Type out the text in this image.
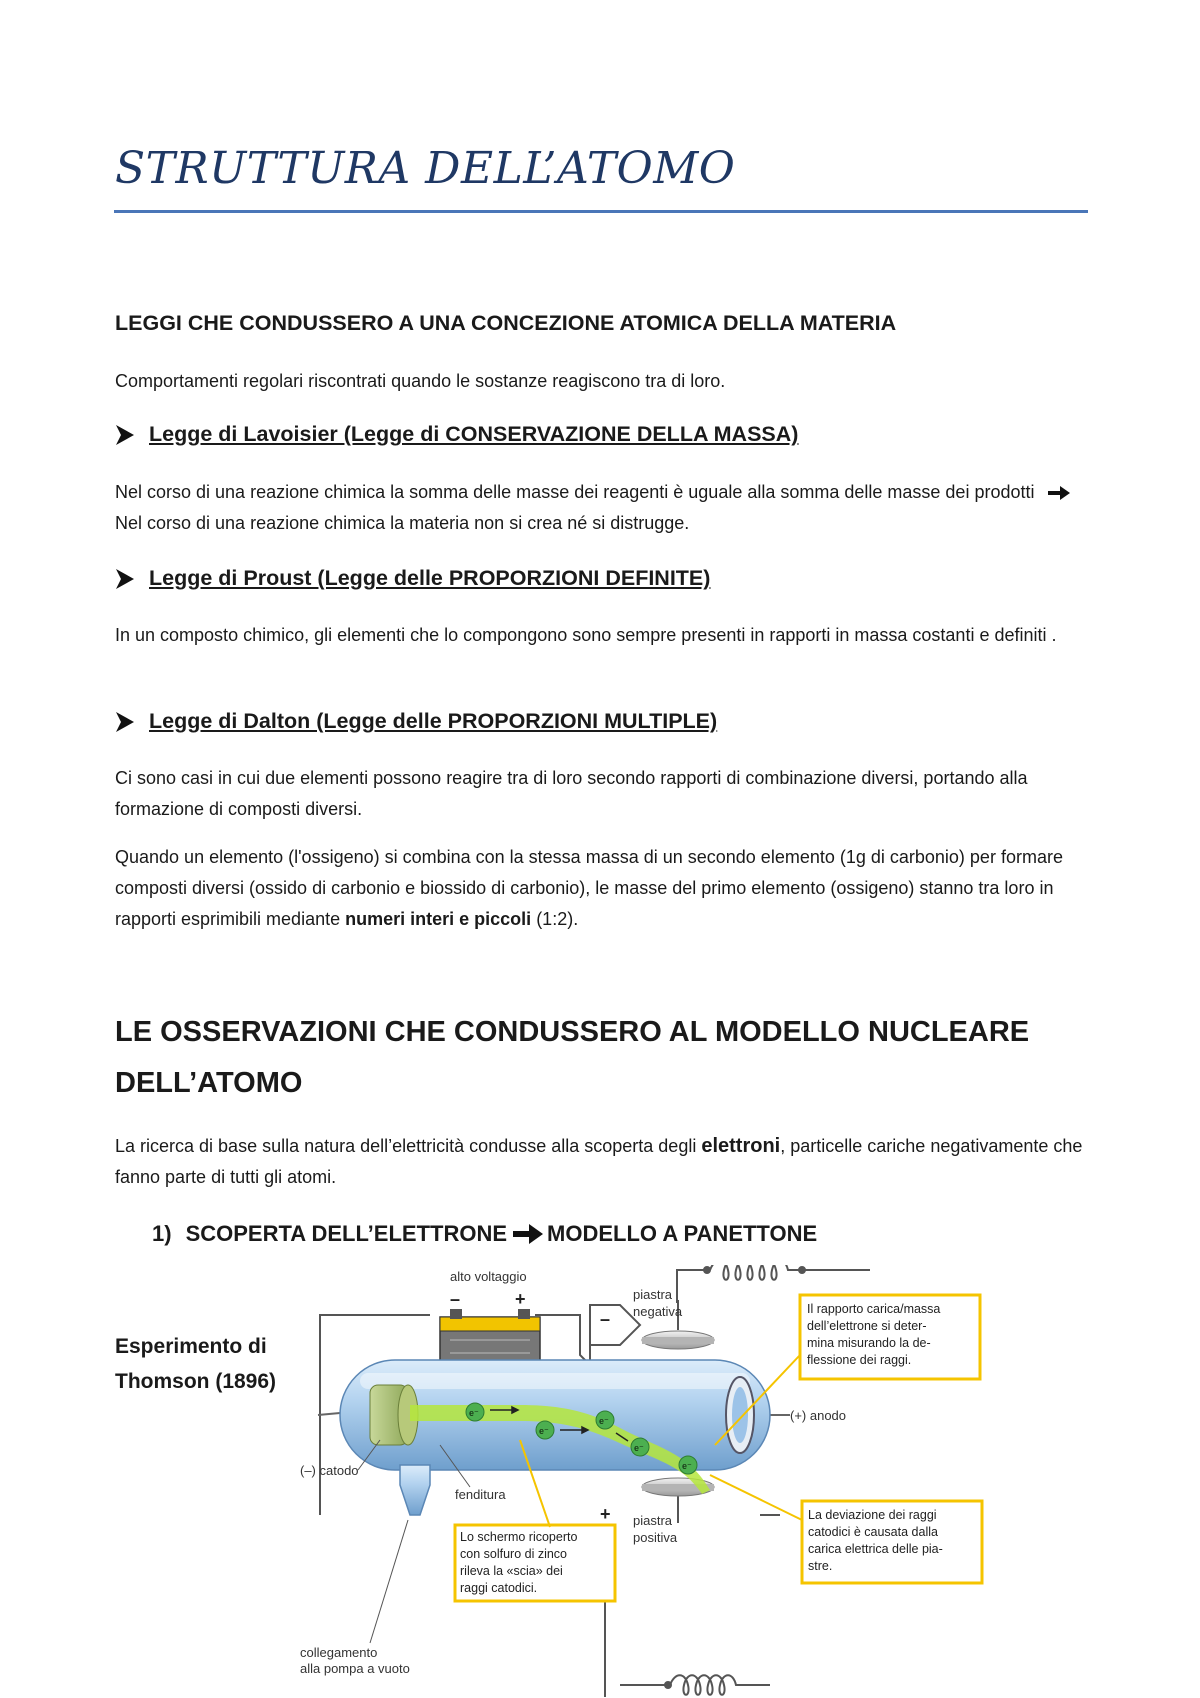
STRUTTURA DELL’ATOMO
LEGGI CHE CONDUSSERO A UNA CONCEZIONE ATOMICA DELLA MATERIA

Comportamenti regolari riscontrati quando le sostanze reagiscono tra di loro.

Legge di Lavoisier (Legge di CONSERVAZIONE DELLA MASSA)

Nel corso di una reazione chimica la somma delle masse dei reagenti è uguale alla somma delle masse dei prodotti  Nel corso di una reazione chimica la materia non si crea né si distrugge.

Legge di Proust (Legge delle PROPORZIONI DEFINITE)

In un composto chimico, gli elementi che lo compongono sono sempre presenti in rapporti in massa costanti e definiti .

Legge di Dalton (Legge delle PROPORZIONI MULTIPLE)

Ci sono casi in cui due elementi possono reagire tra di loro secondo rapporti di combinazione diversi, portando alla formazione di composti diversi.

Quando un elemento (l'ossigeno) si combina con la stessa massa di un secondo elemento (1g di carbonio) per formare composti diversi (ossido di carbonio e biossido di carbonio), le masse del primo elemento (ossigeno) stanno tra loro in rapporti esprimibili mediante numeri interi e piccoli (1:2).

LE OSSERVAZIONI CHE CONDUSSERO AL MODELLO NUCLEARE DELL’ATOMO

La ricerca di base sulla natura dell’elettricità condusse alla scoperta degli elettroni, particelle cariche negativamente che fanno parte di tutti gli atomi.

1) SCOPERTA DELL’ELETTRONE MODELLO A PANETTONE

Esperimento di Thomson (1896)

alto voltaggio
–	+	piastra
negativa
–
piastra
positiva
+
e⁻
e⁻
e⁻
e⁻
e⁻
(–) catodo
(+) anodo
fenditura
collegamento
alla pompa a vuoto
Il rapporto carica/massa
dell’elettrone si deter-
mina misurando la de-
flessione dei raggi.
Lo schermo ricoperto
con solfuro di zinco
rileva la «scia» dei
raggi catodici.
La deviazione dei raggi
catodici è causata dalla
carica elettrica delle pia-
stre.
